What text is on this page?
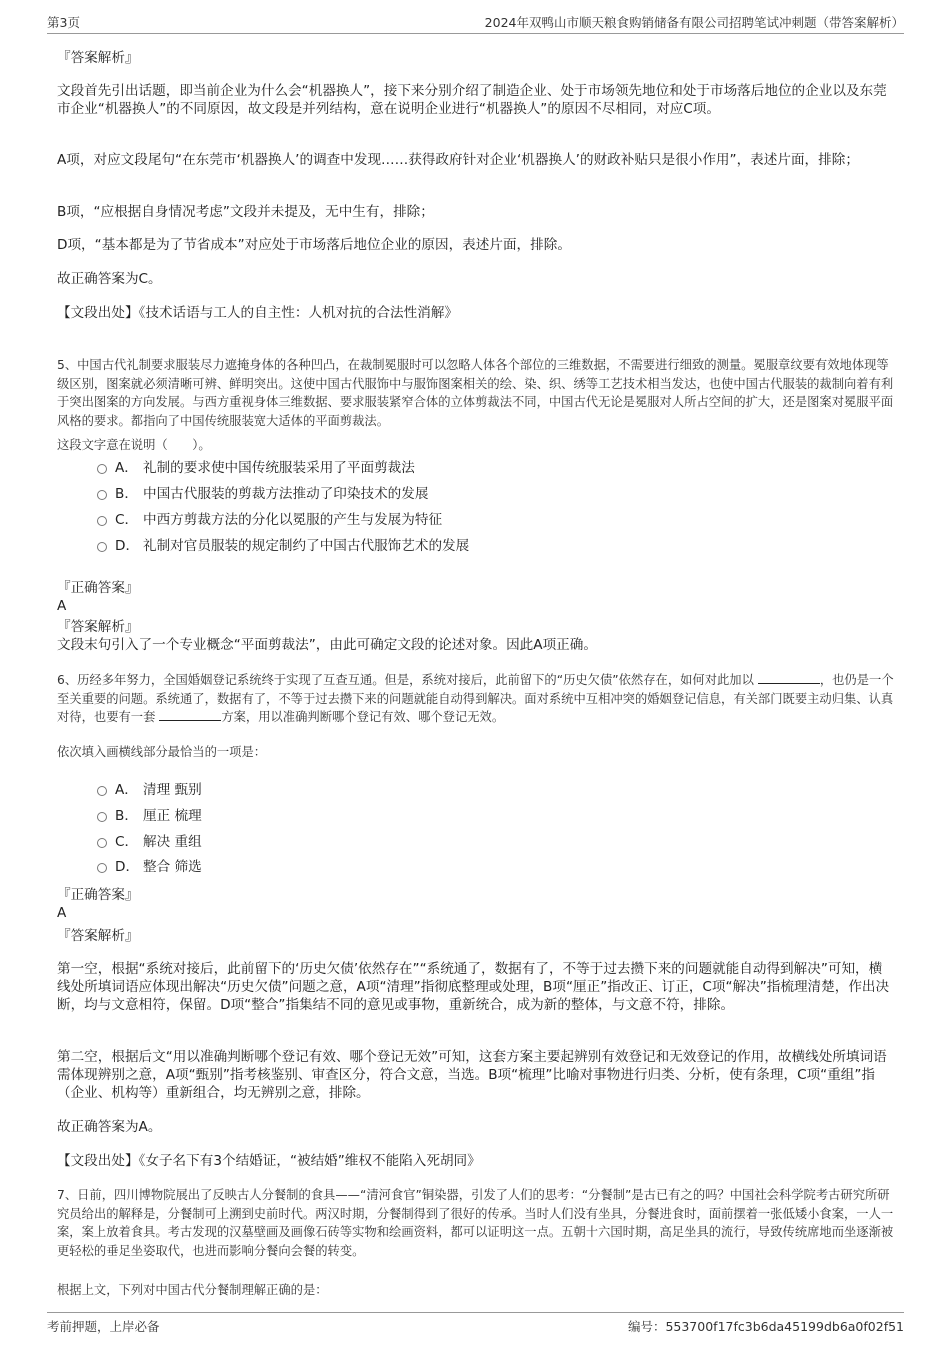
第3页	2024年双鸭山市顺天粮食购销储备有限公司招聘笔试冲刺题（带答案解析）
『答案解析』
文段首先引出话题，即当前企业为什么会“机器换人”，接下来分别介绍了制造企业、处于市场领先地位和处于市场落后地位的企业以及东莞市企业“机器换人”的不同原因，故文段是并列结构，意在说明企业进行“机器换人”的原因不尽相同，对应C项。
A项，对应文段尾句“在东莞市‘机器换人’的调查中发现……获得政府针对企业‘机器换人’的财政补贴只是很小作用”，表述片面，排除；
B项，“应根据自身情况考虑”文段并未提及，无中生有，排除；
D项，“基本都是为了节省成本”对应处于市场落后地位企业的原因，表述片面，排除。
故正确答案为C。
【文段出处】《技术话语与工人的自主性：人机对抗的合法性消解》
5、中国古代礼制要求服装尽力遮掩身体的各种凹凸，在裁制冕服时可以忽略人体各个部位的三维数据，不需要进行细致的测量。冕服章纹要有效地体现等级区别，图案就必须清晰可辨、鲜明突出。这使中国古代服饰中与服饰图案相关的绘、染、织、绣等工艺技术相当发达，也使中国古代服装的裁制向着有利于突出图案的方向发展。与西方重视身体三维数据、要求服装紧窄合体的立体剪裁法不同，中国古代无论是冕服对人所占空间的扩大，还是图案对冕服平面风格的要求。都指向了中国传统服装宽大适体的平面剪裁法。
这段文字意在说明（　　）。
A． 礼制的要求使中国传统服装采用了平面剪裁法
B． 中国古代服装的剪裁方法推动了印染技术的发展
C． 中西方剪裁方法的分化以冕服的产生与发展为特征
D． 礼制对官员服装的规定制约了中国古代服饰艺术的发展
『正确答案』
A
『答案解析』
文段末句引入了一个专业概念“平面剪裁法”，由此可确定文段的论述对象。因此A项正确。
6、历经多年努力，全国婚姻登记系统终于实现了互查互通。但是，系统对接后，此前留下的“历史欠债”依然存在，如何对此加以	，也仍是一个至关重要的问题。系统通了，数据有了，不等于过去攒下来的问题就能自动得到解决。面对系统中互相冲突的婚姻登记信息，有关部门既要主动归集、认真对待，也要有一套	方案，用以准确判断哪个登记有效、哪个登记无效。
依次填入画横线部分最恰当的一项是：
A． 清理 甄别
B． 厘正 梳理
C． 解决 重组
D． 整合 筛选
『正确答案』
A
『答案解析』
第一空，根据“系统对接后，此前留下的‘历史欠债’依然存在”“系统通了，数据有了，不等于过去攒下来的问题就能自动得到解决”可知，横线处所填词语应体现出解决“历史欠债”问题之意，A项“清理”指彻底整理或处理，B项“厘正”指改正、订正，C项“解决”指梳理清楚，作出决断，均与文意相符，保留。D项“整合”指集结不同的意见或事物，重新统合，成为新的整体，与文意不符，排除。
第二空，根据后文“用以准确判断哪个登记有效、哪个登记无效”可知，这套方案主要起辨别有效登记和无效登记的作用，故横线处所填词语需体现辨别之意，A项“甄别”指考核鉴别、审查区分，符合文意，当选。B项“梳理”比喻对事物进行归类、分析，使有条理，C项“重组”指（企业、机构等）重新组合，均无辨别之意，排除。
故正确答案为A。
【文段出处】《女子名下有3个结婚证，“被结婚”维权不能陷入死胡同》
7、日前，四川博物院展出了反映古人分餐制的食具——“清河食官”铜染器，引发了人们的思考：“分餐制”是古已有之的吗？中国社会科学院考古研究所研究员给出的解释是，分餐制可上溯到史前时代。两汉时期，分餐制得到了很好的传承。当时人们没有坐具，分餐进食时，面前摆着一张低矮小食案，一人一案，案上放着食具。考古发现的汉墓壁画及画像石砖等实物和绘画资料，都可以证明这一点。五朝十六国时期，高足坐具的流行，导致传统席地而坐逐渐被更轻松的垂足坐姿取代，也进而影响分餐向会餐的转变。
根据上文，下列对中国古代分餐制理解正确的是：
考前押题，上岸必备	编号：553700f17fc3b6da45199db6a0f02f51
